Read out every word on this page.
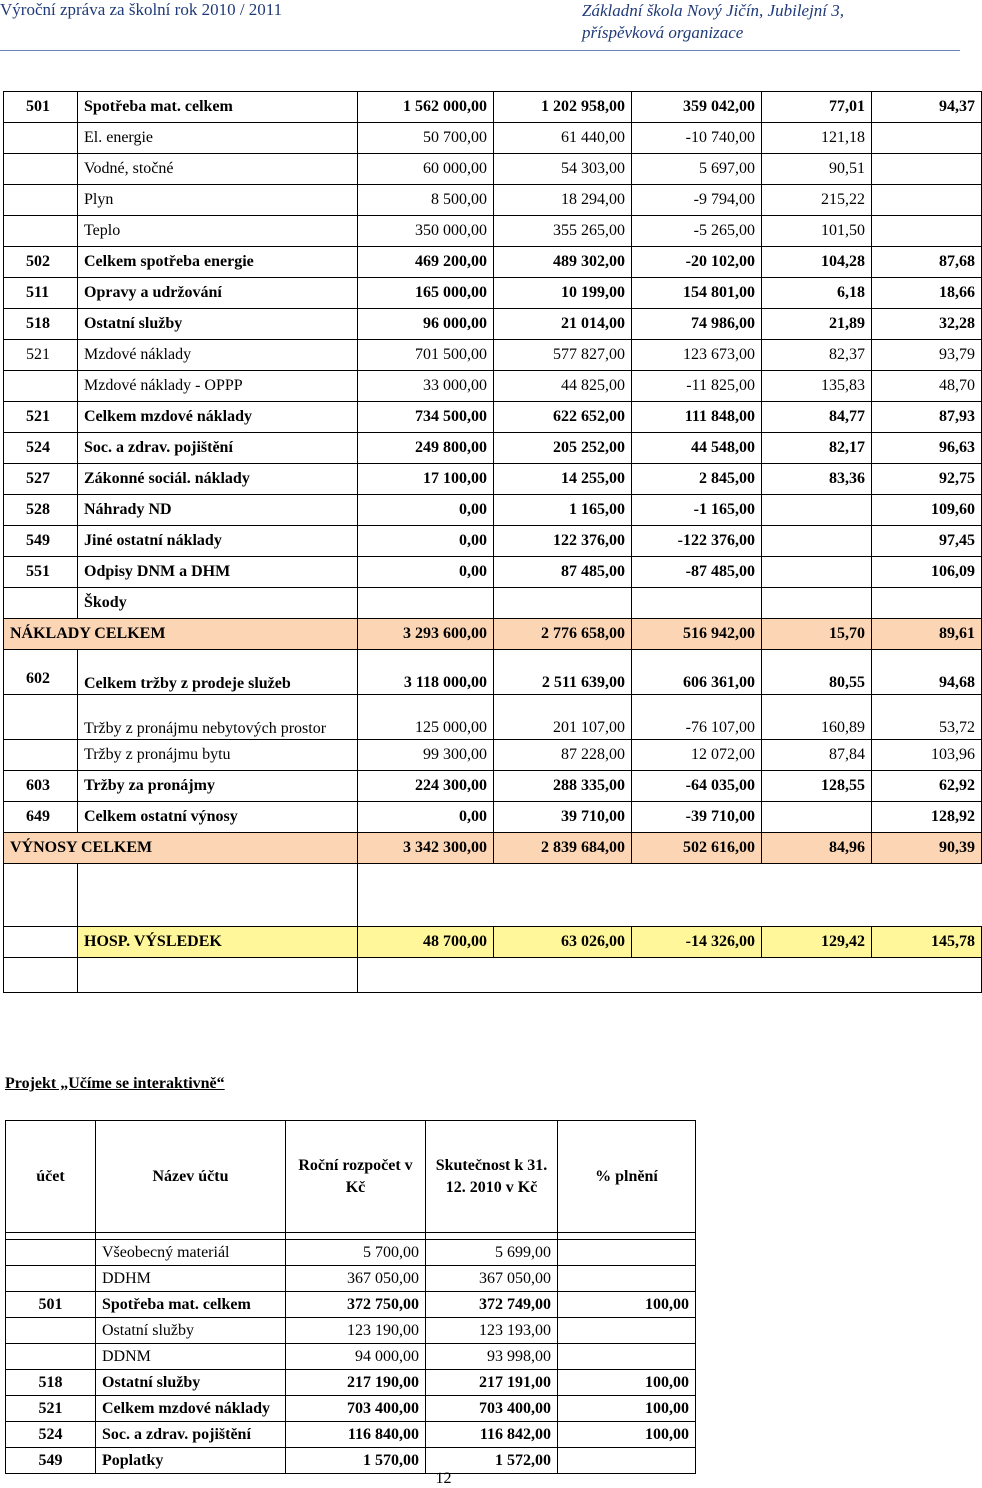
Výroční zpráva za školní rok 2010 / 2011	Základní škola Nový Jičín, Jubilejní 3,
příspěvková organizace
501	Spotřeba mat. celkem	1 562 000,00	1 202 958,00	359 042,00	77,01	94,37
	El. energie	50 700,00	61 440,00	-10 740,00	121,18	
	Vodné, stočné	60 000,00	54 303,00	5 697,00	90,51	
	Plyn	8 500,00	18 294,00	-9 794,00	215,22	
	Teplo	350 000,00	355 265,00	-5 265,00	101,50	
502	Celkem spotřeba energie	469 200,00	489 302,00	-20 102,00	104,28	87,68
511	Opravy a udržování	165 000,00	10 199,00	154 801,00	6,18	18,66
518	Ostatní služby	96 000,00	21 014,00	74 986,00	21,89	32,28
521	Mzdové náklady	701 500,00	577 827,00	123 673,00	82,37	93,79
	Mzdové náklady - OPPP	33 000,00	44 825,00	-11 825,00	135,83	48,70
521	Celkem mzdové náklady	734 500,00	622 652,00	111 848,00	84,77	87,93
524	Soc. a zdrav. pojištění	249 800,00	205 252,00	44 548,00	82,17	96,63
527	Zákonné sociál. náklady	17 100,00	14 255,00	2 845,00	83,36	92,75
528	Náhrady ND	0,00	1 165,00	-1 165,00		109,60
549	Jiné ostatní náklady	0,00	122 376,00	-122 376,00		97,45
551	Odpisy DNM a DHM	0,00	87 485,00	-87 485,00		106,09
	Škody					
NÁKLADY CELKEM		3 293 600,00	2 776 658,00	516 942,00	15,70	89,61
602	Celkem tržby z prodeje služeb	3 118 000,00	2 511 639,00	606 361,00	80,55	94,68
	Tržby z pronájmu nebytových prostor	125 000,00	201 107,00	-76 107,00	160,89	53,72
	Tržby z pronájmu bytu	99 300,00	87 228,00	12 072,00	87,84	103,96
603	Tržby za pronájmy	224 300,00	288 335,00	-64 035,00	128,55	62,92
649	Celkem ostatní výnosy	0,00	39 710,00	-39 710,00		128,92
VÝNOSY CELKEM		3 342 300,00	2 839 684,00	502 616,00	84,96	90,39

	HOSP. VÝSLEDEK	48 700,00	63 026,00	-14 326,00	129,42	145,78

Projekt „Učíme se interaktivně“
účet	Název účtu	Roční rozpočet v Kč	Skutečnost k 31. 12. 2010 v Kč	% plnění

	Všeobecný materiál	5 700,00	5 699,00	
	DDHM	367 050,00	367 050,00	
501	Spotřeba mat. celkem	372 750,00	372 749,00	100,00
	Ostatní služby	123 190,00	123 193,00	
	DDNM	94 000,00	93 998,00	
518	Ostatní služby	217 190,00	217 191,00	100,00
521	Celkem mzdové náklady	703 400,00	703 400,00	100,00
524	Soc. a zdrav. pojištění	116 840,00	116 842,00	100,00
549	Poplatky	1 570,00	1 572,00	
12
